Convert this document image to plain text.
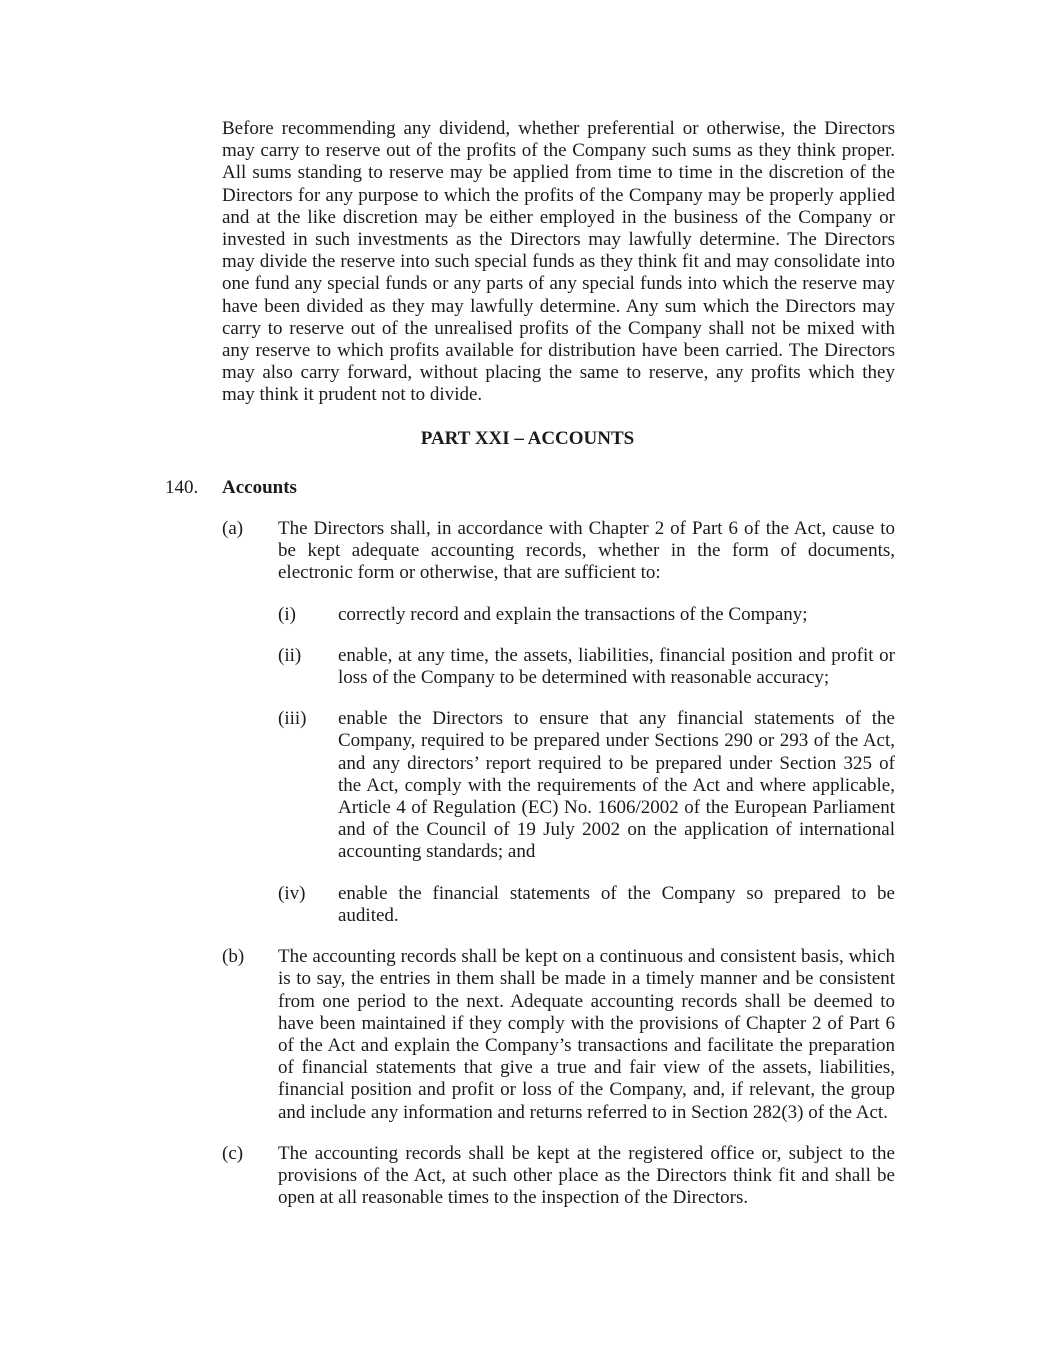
Before recommending any dividend, whether preferential or otherwise, the Directors may carry to reserve out of the profits of the Company such sums as they think proper. All sums standing to reserve may be applied from time to time in the discretion of the Directors for any purpose to which the profits of the Company may be properly applied and at the like discretion may be either employed in the business of the Company or invested in such investments as the Directors may lawfully determine. The Directors may divide the reserve into such special funds as they think fit and may consolidate into one fund any special funds or any parts of any special funds into which the reserve may have been divided as they may lawfully determine. Any sum which the Directors may carry to reserve out of the unrealised profits of the Company shall not be mixed with any reserve to which profits available for distribution have been carried. The Directors may also carry forward, without placing the same to reserve, any profits which they may think it prudent not to divide.

PART XXI – ACCOUNTS
140. Accounts
(a) The Directors shall, in accordance with Chapter 2 of Part 6 of the Act, cause to be kept adequate accounting records, whether in the form of documents, electronic form or otherwise, that are sufficient to:

(i) correctly record and explain the transactions of the Company;

(ii) enable, at any time, the assets, liabilities, financial position and profit or loss of the Company to be determined with reasonable accuracy;

(iii) enable the Directors to ensure that any financial statements of the Company, required to be prepared under Sections 290 or 293 of the Act, and any directors’ report required to be prepared under Section 325 of the Act, comply with the requirements of the Act and where applicable, Article 4 of Regulation (EC) No. 1606/2002 of the European Parliament and of the Council of 19 July 2002 on the application of international accounting standards; and

(iv) enable the financial statements of the Company so prepared to be audited.

(b) The accounting records shall be kept on a continuous and consistent basis, which is to say, the entries in them shall be made in a timely manner and be consistent from one period to the next. Adequate accounting records shall be deemed to have been maintained if they comply with the provisions of Chapter 2 of Part 6 of the Act and explain the Company’s transactions and facilitate the preparation of financial statements that give a true and fair view of the assets, liabilities, financial position and profit or loss of the Company, and, if relevant, the group and include any information and returns referred to in Section 282(3) of the Act.

(c) The accounting records shall be kept at the registered office or, subject to the provisions of the Act, at such other place as the Directors think fit and shall be open at all reasonable times to the inspection of the Directors.
